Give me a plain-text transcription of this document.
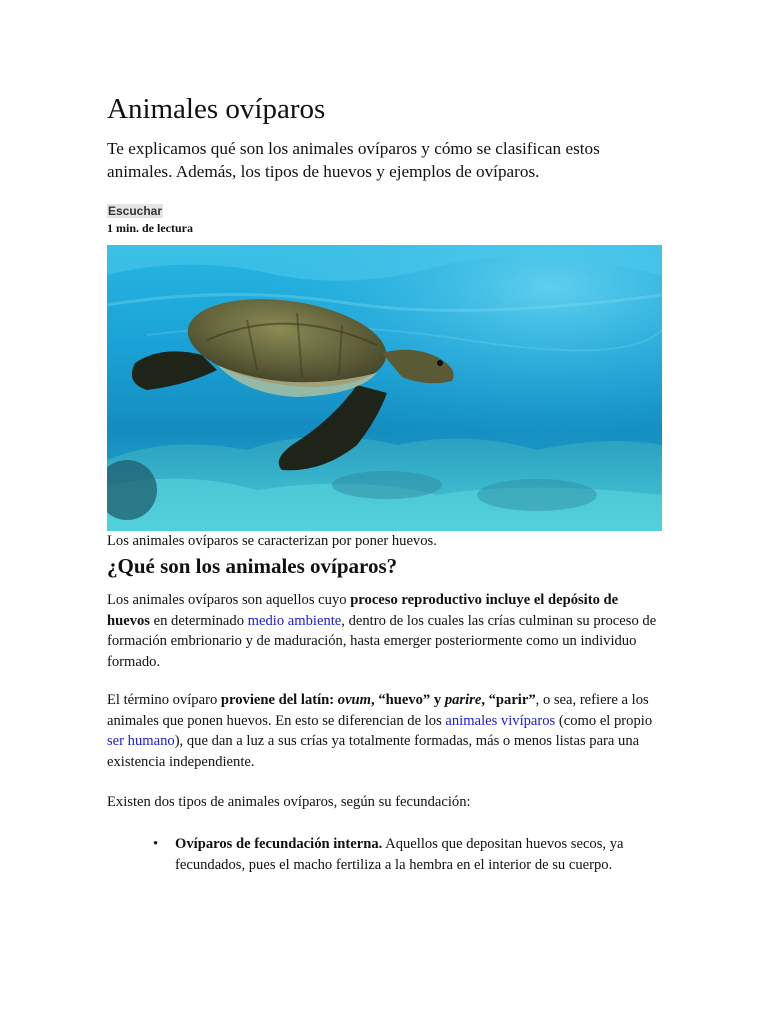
Animales ovíparos

Te explicamos qué son los animales ovíparos y cómo se clasifican estos animales. Además, los tipos de huevos y ejemplos de ovíparos.

Escuchar

1 min. de lectura

Los animales ovíparos se caracterizan por poner huevos.

¿Qué son los animales ovíparos?

Los animales ovíparos son aquellos cuyo proceso reproductivo incluye el depósito de huevos en determinado medio ambiente, dentro de los cuales las crías culminan su proceso de formación embrionario y de maduración, hasta emerger posteriormente como un individuo formado.

El término ovíparo proviene del latín: ovum, “huevo” y parire, “parir”, o sea, refiere a los animales que ponen huevos. En esto se diferencian de los animales vivíparos (como el propio ser humano), que dan a luz a sus crías ya totalmente formadas, más o menos listas para una existencia independiente.

Existen dos tipos de animales ovíparos, según su fecundación:

• Ovíparos de fecundación interna. Aquellos que depositan huevos secos, ya fecundados, pues el macho fertiliza a la hembra en el interior de su cuerpo.
